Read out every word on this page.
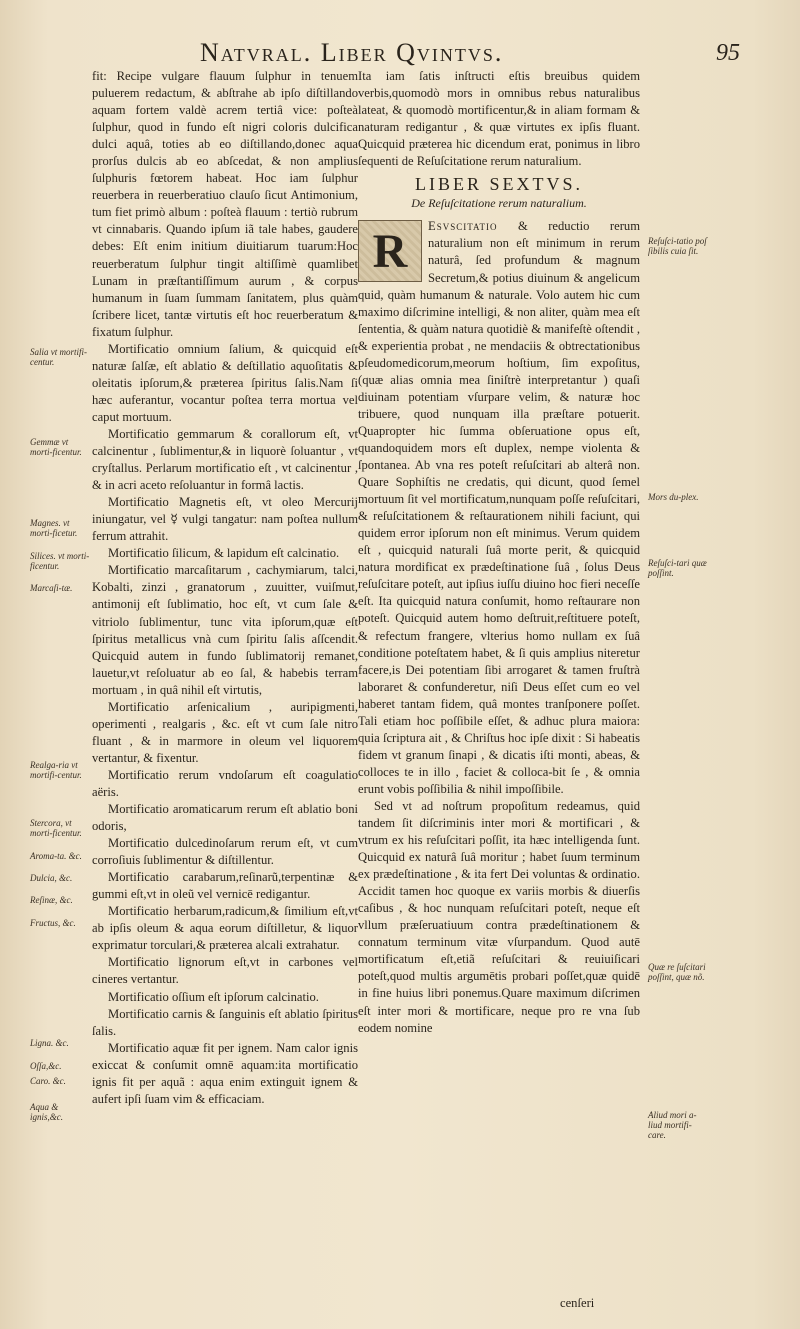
Natvral. Liber Qvintvs.	95

fit: Recipe vulgare flauum ſulphur in tenuem puluerem redactum, & abſtrahe ab ipſo diſtillando aquam fortem valdè acrem tertiâ vice: poſteà ſulphur, quod in fundo eſt nigri coloris dulcifica dulci aquâ, toties ab eo diſtillando,donec aqua prorſus dulcis ab eo abſcedat, & non amplius ſulphuris fœtorem habeat. Hoc iam ſulphur reuerbera in reuerberatiuo clauſo ſicut Antimonium, tum fiet primò album : poſteà flauum : tertiò rubrum vt cinnabaris. Quando ipſum iã tale habes, gaudere debes: Eſt enim initium diuitiarum tuarum:Hoc reuerberatum ſulphur tingit altiſſimè quamlibet Lunam in præſtantiſſimum aurum , & corpus humanum in ſuam ſummam ſanitatem, plus quàm ſcribere licet, tantæ virtutis eſt hoc reuerberatum & fixatum ſulphur.

Mortificatio omnium ſalium, & quicquid eſt naturæ ſalſæ, eſt ablatio & deſtillatio aquoſitatis & oleitatis ipſorum,& præterea ſpiritus ſalis.Nam ſi hæc auferantur, vocantur poſtea terra mortua vel caput mortuum.

Mortificatio gemmarum & corallorum eſt, vt calcinentur , ſublimentur,& in liquorè ſoluantur , vt cryſtallus. Perlarum mortificatio eſt , vt calcinentur , & in acri aceto reſoluantur in formâ lactis.

Mortificatio Magnetis eſt, vt oleo Mercurij iniungatur, vel ☿ vulgi tangatur: nam poſtea nullum ferrum attrahit.

Mortificatio ſilicum, & lapidum eſt calcinatio.

Mortificatio marcaſitarum , cachymiarum, talci, Kobalti, zinzi , granatorum , zuuitter, vuiſmut, antimonij eſt ſublimatio, hoc eſt, vt cum ſale & vitriolo ſublimentur, tunc vita ipſorum,quæ eſt ſpiritus metallicus vnà cum ſpiritu ſalis aſſcendit. Quicquid autem in fundo ſublimatorij remanet, lauetur,vt reſoluatur ab eo ſal, & habebis terram mortuam , in quâ nihil eſt virtutis,

Mortificatio arſenicalium , auripigmenti, operimenti , realgaris , &c. eſt vt cum ſale nitro fluant , & in marmore in oleum vel liquorem vertantur, & fixentur.

Mortificatio rerum vndoſarum eſt coagulatio aëris.

Mortificatio aromaticarum rerum eſt ablatio boni odoris,

Mortificatio dulcedinoſarum rerum eſt, vt cum corroſiuis ſublimentur & diſtillentur.

Mortificatio carabarum,reſinarũ,terpentinæ & gummi eſt,vt in oleũ vel vernicē redigantur.

Mortificatio herbarum,radicum,& ſimilium eſt,vt ab ipſis oleum & aqua eorum diſtilletur, & liquor exprimatur torculari,& præterea alcali extrahatur.

Mortificatio lignorum eſt,vt in carbones vel cineres vertantur.

Mortificatio oſſium eſt ipſorum calcinatio.

Mortificatio carnis & ſanguinis eſt ablatio ſpiritus ſalis.

Mortificatio aquæ fit per ignem. Nam calor ignis exiccat & conſumit omnē aquam:ita mortificatio ignis fit per aquã : aqua enim extinguit ignem & aufert ipſi ſuam vim & efficaciam.

Ita iam ſatis inſtructi eſtis breuibus quidem verbis,quomodò mors in omnibus rebus naturalibus lateat, & quomodò mortificentur,& in aliam formam & naturam redigantur , & quæ virtutes ex ipſis fluant. Quicquid præterea hic dicendum erat, ponimus in libro ſequenti de Reſuſcitatione rerum naturalium.

LIBER SEXTVS.
De Reſuſcitatione rerum naturalium.

R Esvscitatio & reductio rerum naturalium non eſt minimum in rerum naturâ, ſed profundum & magnum Secretum,& potius diuinum & angelicum quid, quàm humanum & naturale. Volo autem hic cum maximo diſcrimine intelligi, & non aliter, quàm mea eſt ſententia, & quàm natura quotidiè & manifeſtè oſtendit , & experientia probat , ne mendaciis & obtrectationibus pſeudomedicorum,meorum hoſtium, ſim expoſitus, (quæ alias omnia mea ſiniſtrè interpretantur ) quaſi diuinam potentiam vſurpare velim, & naturæ hoc tribuere, quod nunquam illa præſtare potuerit. Quapropter hic ſumma obſeruatione opus eſt, quandoquidem mors eſt duplex, nempe violenta & ſpontanea. Ab vna res poteſt reſuſcitari ab alterâ non. Quare Sophiſtis ne credatis, qui dicunt, quod ſemel mortuum ſit vel mortificatum,nunquam poſſe reſuſcitari, & reſuſcitationem & reſtaurationem nihili faciunt, qui quidem error ipſorum non eſt minimus. Verum quidem eſt , quicquid naturali ſuâ morte perit, & quicquid natura mordificat ex prædeſtinatione ſuâ , ſolus Deus reſuſcitare poteſt, aut ipſius iuſſu diuino hoc fieri neceſſe eſt. Ita quicquid natura conſumit, homo reſtaurare non poteſt. Quicquid autem homo deſtruit,reſtituere poteſt, & refectum frangere, vlterius homo nullam ex ſuâ conditione poteſtatem habet, & ſi quis amplius niteretur facere,is Dei potentiam ſibi arrogaret & tamen fruſtrà laboraret & confunderetur, niſi Deus eſſet cum eo vel haberet tantam fidem, quâ montes tranſponere poſſet. Tali etiam hoc poſſibile eſſet, & adhuc plura maiora: quia ſcriptura ait , & Chriſtus hoc ipſe dixit : Si habeatis fidem vt granum ſinapi , & dicatis iſti monti, abeas, & colloces te in illo , faciet & colloca-bit ſe , & omnia erunt vobis poſſibilia & nihil impoſſibile.

Sed vt ad noſtrum propoſitum redeamus, quid tandem ſit diſcriminis inter mori & mortificari , & vtrum ex his reſuſcitari poſſit, ita hæc intelligenda ſunt. Quicquid ex naturâ ſuâ moritur ; habet ſuum terminum ex prædeſtinatione , & ita fert Dei voluntas & ordinatio. Accidit tamen hoc quoque ex variis morbis & diuerſis caſibus , & hoc nunquam reſuſcitari poteſt, neque eſt vllum præſeruatiuum contra prædeſtinationem & connatum terminum vitæ vſurpandum. Quod autē mortificatum eſt,etiã reſuſcitari & reuiuiſicari poteſt,quod multis argumētis probari poſſet,quæ quidē in fine huius libri ponemus.Quare maximum diſcrimen eſt inter mori & mortificare, neque pro re vna ſub eodem nomine

cenſeri
Salia vt mortifi-centur.
Gemmæ vt morti-ficentur.
Magnes. vt morti-ficetur.
Silices. vt morti-ficentur.
Marcaſi-tæ.
Realga-ria vt mortifi-centur.
Stercora, vt morti-ficentur.
Aroma-ta. &c.
Dulcia, &c.
Reſinæ, &c.
Fructus, &c.
Ligna. &c.
Oſſa,&c.
Caro. &c.
Aqua & ignis,&c.
Reſuſci-tatio poſ ſibilis cuia ſit.
Mors du-plex.
Reſuſci-tari quæ poſſint.
Quæ re ſuſcitari poſſint, quæ nõ.
Aliud mori a-liud mortifi-care.
